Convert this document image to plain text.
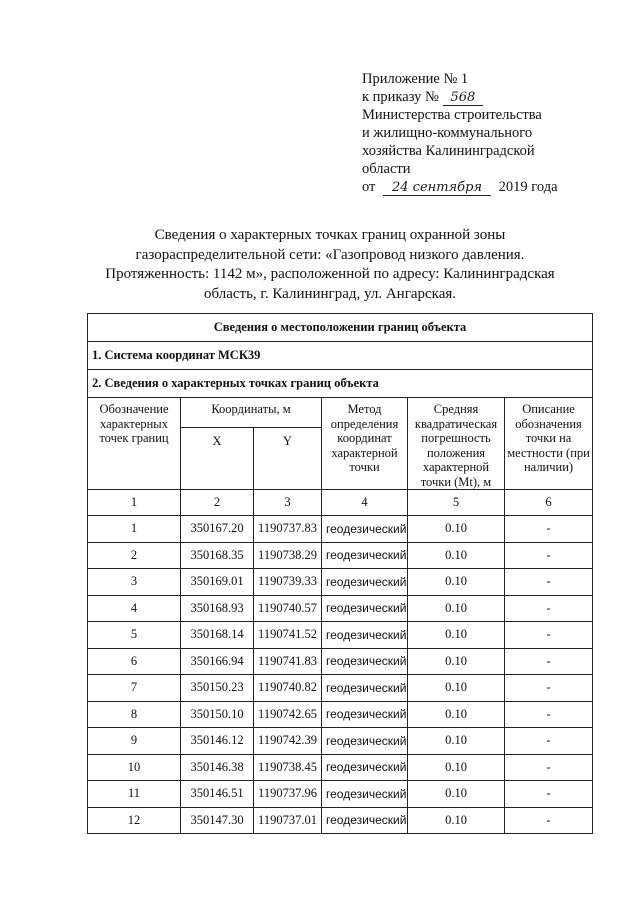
Приложение № 1
к приказу № 568
Министерства строительства
и жилищно-коммунального
хозяйства Калининградской
области
от 24 сентября 2019 года
Сведения о характерных точках границ охранной зоны
газораспределительной сети: «Газопровод низкого давления.
Протяженность: 1142 м», расположенной по адресу: Калининградская
область, г. Калининград, ул. Ангарская.
Сведения о местоположении границ объекта					
1. Система координат МСК39					
2. Сведения о характерных точках границ объекта					
Обозначение характерных точек границ	Координаты, м		Метод определения координат характерной точки	Средняя квадратическая погрешность положения характерной точки (Mt), м	Описание обозначения точки на местности (при наличии)
	X	Y			
1	2	3	4	5	6
1	350167.20	1190737.83	геодезический	0.10	-
2	350168.35	1190738.29	геодезический	0.10	-
3	350169.01	1190739.33	геодезический	0.10	-
4	350168.93	1190740.57	геодезический	0.10	-
5	350168.14	1190741.52	геодезический	0.10	-
6	350166.94	1190741.83	геодезический	0.10	-
7	350150.23	1190740.82	геодезический	0.10	-
8	350150.10	1190742.65	геодезический	0.10	-
9	350146.12	1190742.39	геодезический	0.10	-
10	350146.38	1190738.45	геодезический	0.10	-
11	350146.51	1190737.96	геодезический	0.10	-
12	350147.30	1190737.01	геодезический	0.10	-
